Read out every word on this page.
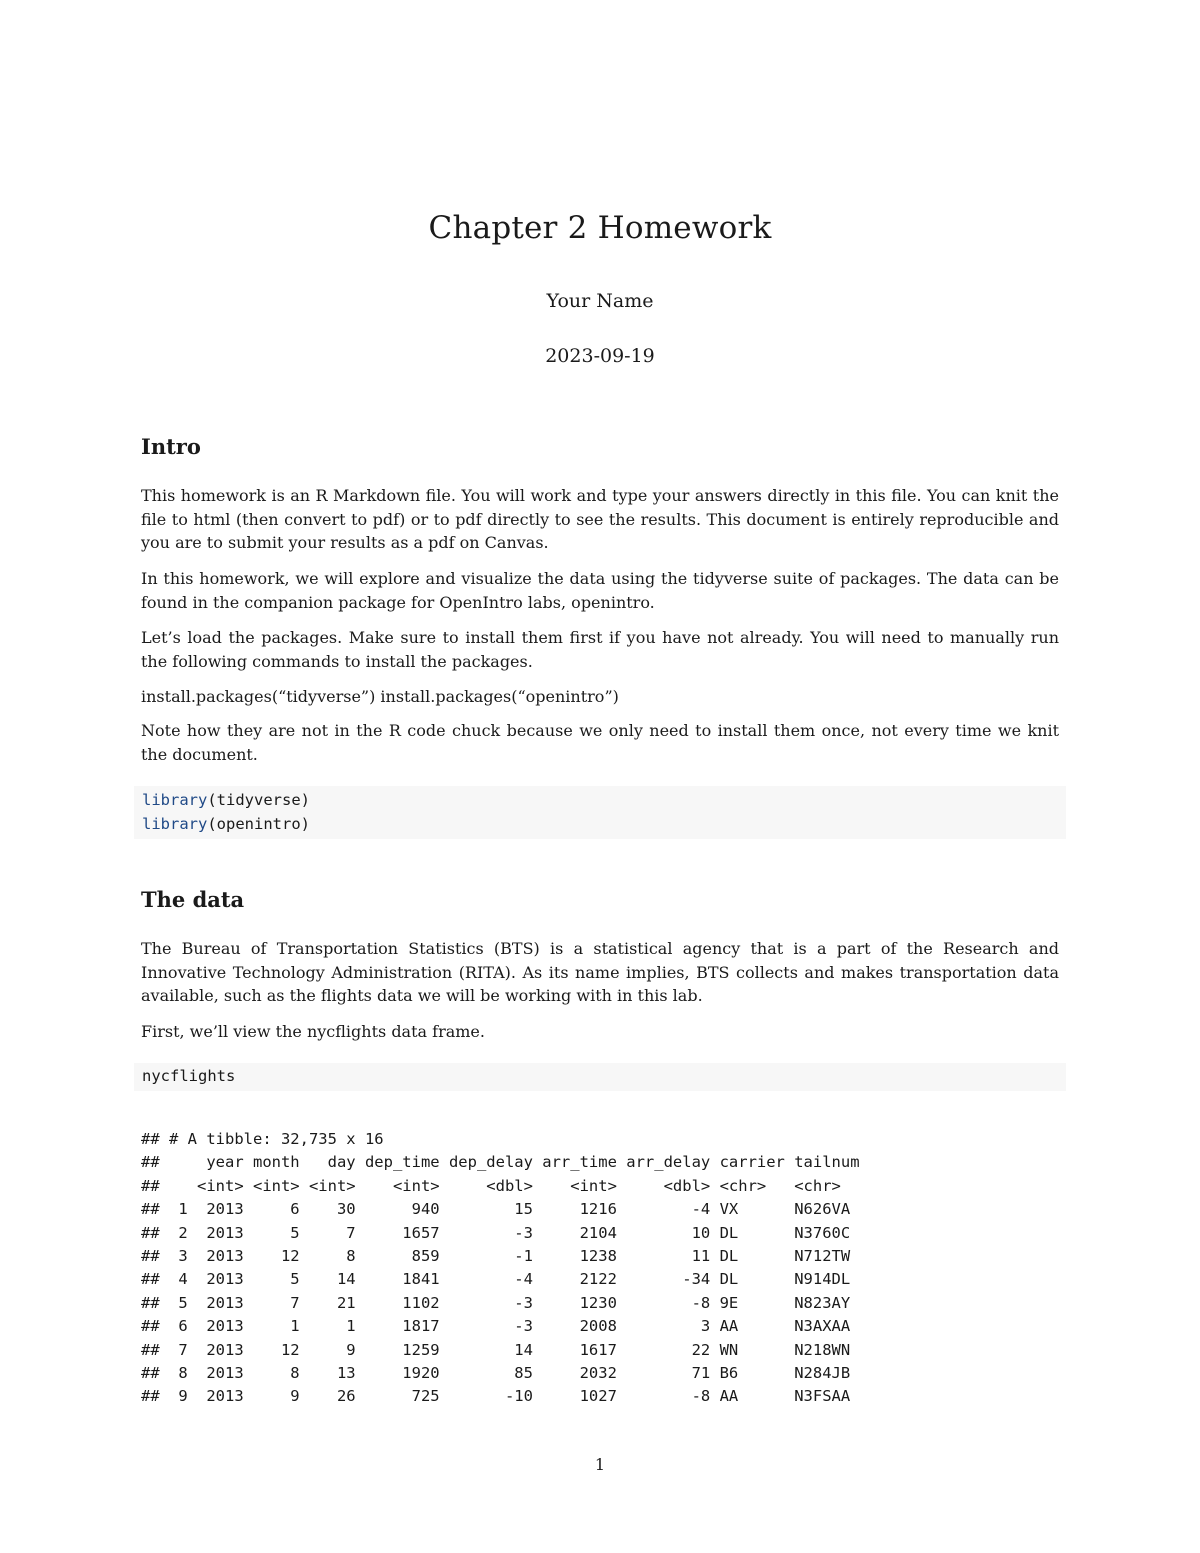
Chapter 2 Homework
Your Name
2023-09-19
Intro

This homework is an R Markdown file. You will work and type your answers directly in this file. You can knit the file to html (then convert to pdf) or to pdf directly to see the results. This document is entirely reproducible and you are to submit your results as a pdf on Canvas.

In this homework, we will explore and visualize the data using the tidyverse suite of packages. The data can be found in the companion package for OpenIntro labs, openintro.

Let’s load the packages. Make sure to install them first if you have not already. You will need to manually run the following commands to install the packages.

install.packages(“tidyverse”) install.packages(“openintro”)

Note how they are not in the R code chuck because we only need to install them once, not every time we knit the document.

library(tidyverse)
library(openintro)
The data

The Bureau of Transportation Statistics (BTS) is a statistical agency that is a part of the Research and Innovative Technology Administration (RITA). As its name implies, BTS collects and makes transportation data available, such as the flights data we will be working with in this lab.

First, we’ll view the nycflights data frame.

nycflights
## # A tibble: 32,735 x 16
##     year month   day dep_time dep_delay arr_time arr_delay carrier tailnum
##    <int> <int> <int>    <int>     <dbl>    <int>     <dbl> <chr>   <chr>
##  1  2013     6    30      940        15     1216        -4 VX      N626VA
##  2  2013     5     7     1657        -3     2104        10 DL      N3760C
##  3  2013    12     8      859        -1     1238        11 DL      N712TW
##  4  2013     5    14     1841        -4     2122       -34 DL      N914DL
##  5  2013     7    21     1102        -3     1230        -8 9E      N823AY
##  6  2013     1     1     1817        -3     2008         3 AA      N3AXAA
##  7  2013    12     9     1259        14     1617        22 WN      N218WN
##  8  2013     8    13     1920        85     2032        71 B6      N284JB
##  9  2013     9    26      725       -10     1027        -8 AA      N3FSAA
1
